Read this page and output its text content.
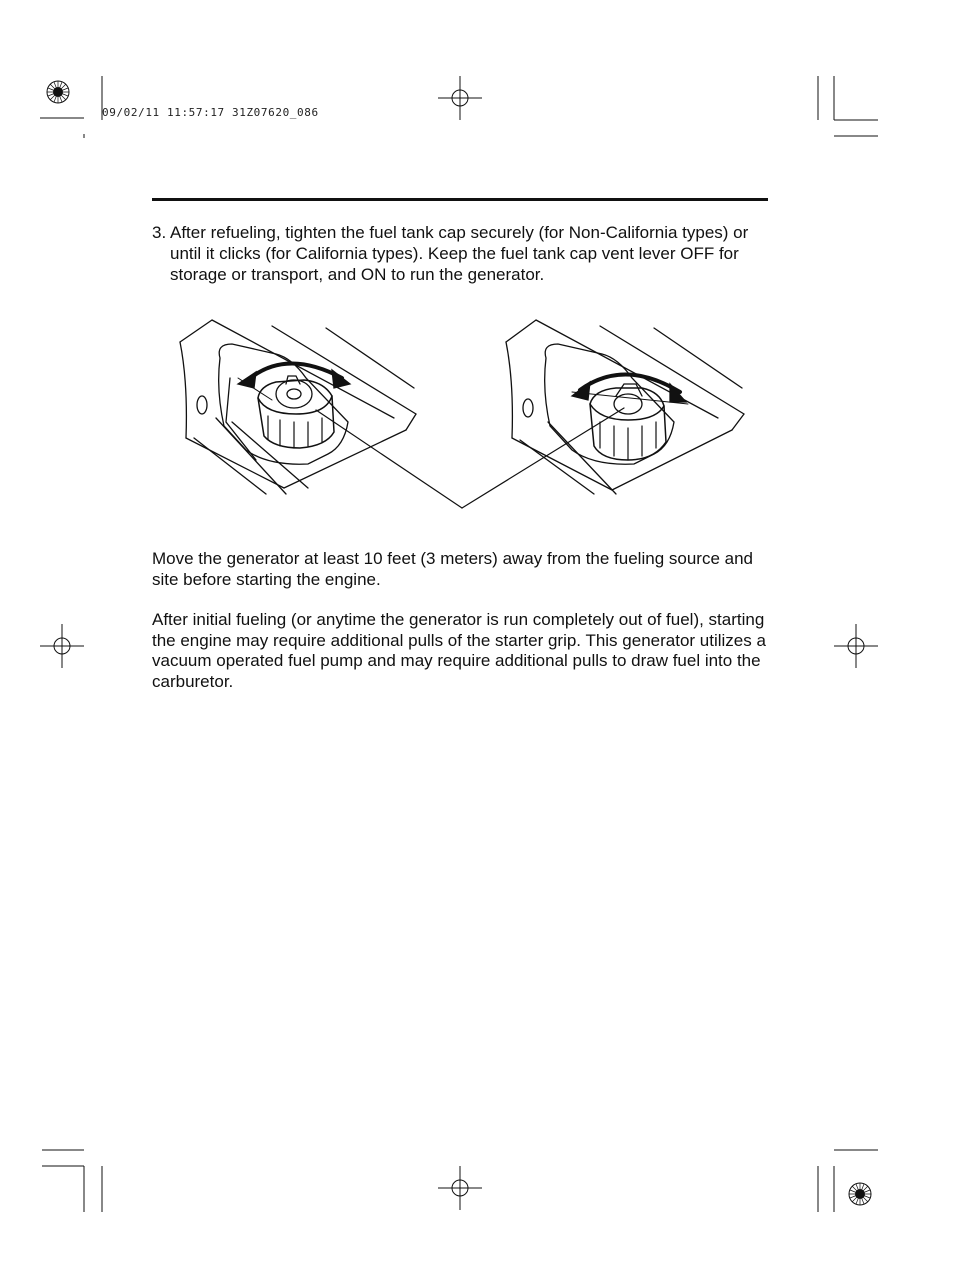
09/02/11 11:57:17 31Z07620_086
3. After refueling, tighten the fuel tank cap securely (for Non-California types) or until it clicks (for California types). Keep the fuel tank cap vent lever OFF for storage or transport, and ON to run the generator.
Move the generator at least 10 feet (3 meters) away from the fueling source and site before starting the engine.
After initial fueling (or anytime the generator is run completely out of fuel), starting the engine may require additional pulls of the starter grip. This generator utilizes a vacuum operated fuel pump and may require additional pulls to draw fuel into the carburetor.
